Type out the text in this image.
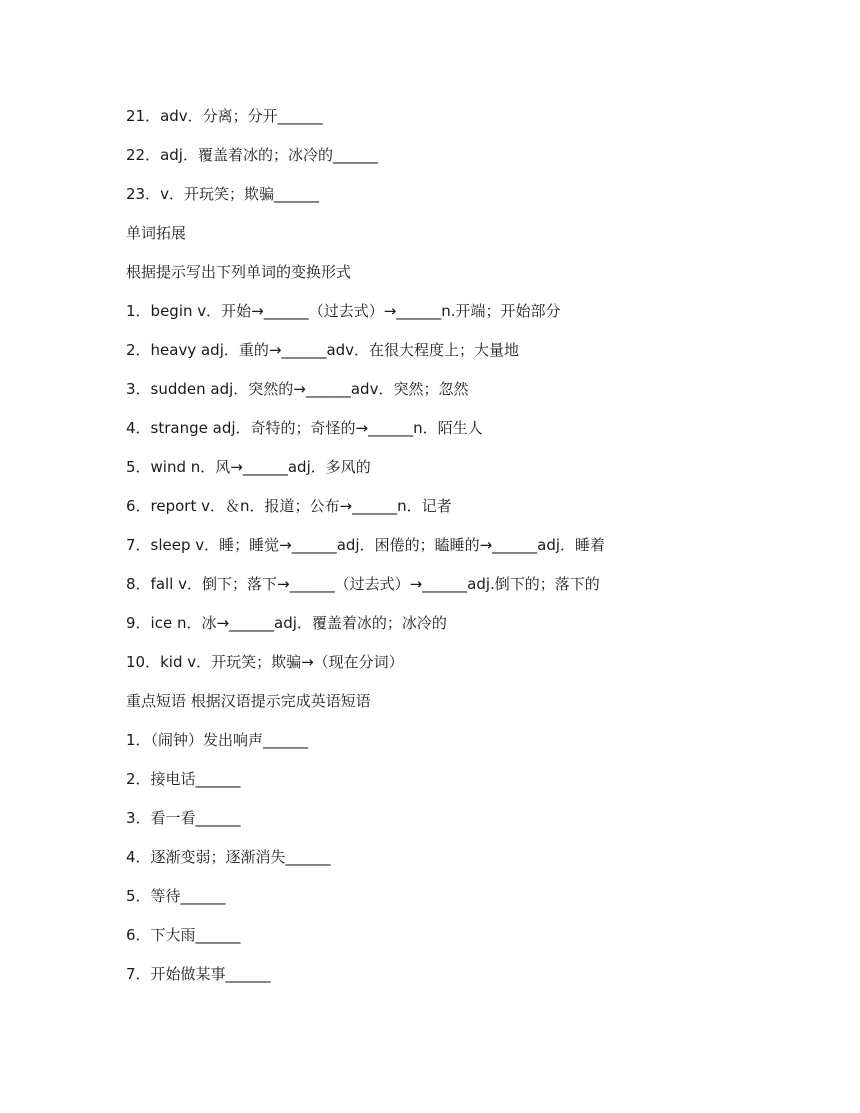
21．adv．分离；分开______
22．adj．覆盖着冰的；冰冷的______
23．v．开玩笑；欺骗______
单词拓展
根据提示写出下列单词的变换形式
1．begin v．开始→______（过去式）→______n.开端；开始部分
2．heavy adj．重的→______adv．在很大程度上；大量地
3．sudden adj．突然的→______adv．突然；忽然
4．strange adj．奇特的；奇怪的→______n．陌生人
5．wind n．风→______adj．多风的
6．report v．＆n．报道；公布→______n．记者
7．sleep v．睡；睡觉→______adj．困倦的；瞌睡的→______adj．睡着
8．fall v．倒下；落下→______（过去式）→______adj.倒下的；落下的
9．ice n．冰→______adj．覆盖着冰的；冰冷的
10．kid v．开玩笑；欺骗→（现在分词）
重点短语 根据汉语提示完成英语短语
1．（闹钟）发出响声______
2．接电话______
3．看一看______
4．逐渐变弱；逐渐消失______
5．等待______
6．下大雨______
7．开始做某事______
